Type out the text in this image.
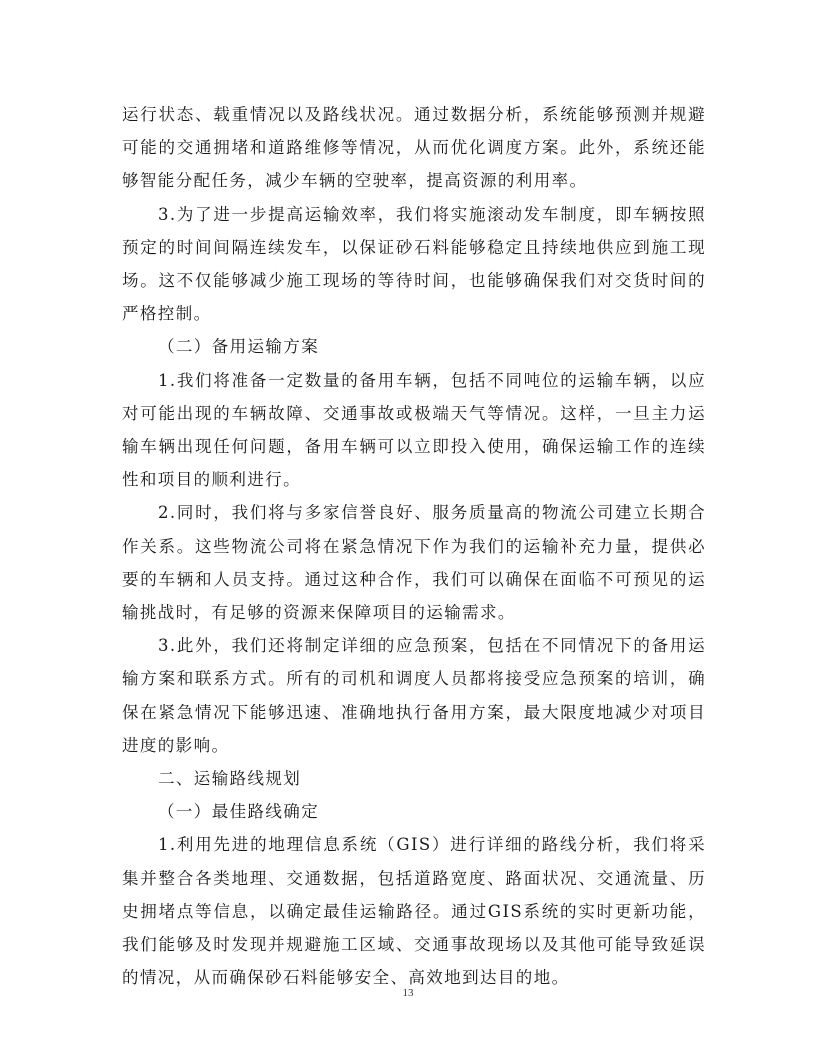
运行状态、载重情况以及路线状况。通过数据分析，系统能够预测并规避可能的交通拥堵和道路维修等情况，从而优化调度方案。此外，系统还能够智能分配任务，减少车辆的空驶率，提高资源的利用率。

3.为了进一步提高运输效率，我们将实施滚动发车制度，即车辆按照预定的时间间隔连续发车，以保证砂石料能够稳定且持续地供应到施工现场。这不仅能够减少施工现场的等待时间，也能够确保我们对交货时间的严格控制。

（二）备用运输方案

1.我们将准备一定数量的备用车辆，包括不同吨位的运输车辆，以应对可能出现的车辆故障、交通事故或极端天气等情况。这样，一旦主力运输车辆出现任何问题，备用车辆可以立即投入使用，确保运输工作的连续性和项目的顺利进行。

2.同时，我们将与多家信誉良好、服务质量高的物流公司建立长期合作关系。这些物流公司将在紧急情况下作为我们的运输补充力量，提供必要的车辆和人员支持。通过这种合作，我们可以确保在面临不可预见的运输挑战时，有足够的资源来保障项目的运输需求。

3.此外，我们还将制定详细的应急预案，包括在不同情况下的备用运输方案和联系方式。所有的司机和调度人员都将接受应急预案的培训，确保在紧急情况下能够迅速、准确地执行备用方案，最大限度地减少对项目进度的影响。

二、运输路线规划

（一）最佳路线确定

1.利用先进的地理信息系统（GIS）进行详细的路线分析，我们将采集并整合各类地理、交通数据，包括道路宽度、路面状况、交通流量、历史拥堵点等信息，以确定最佳运输路径。通过GIS系统的实时更新功能，我们能够及时发现并规避施工区域、交通事故现场以及其他可能导致延误的情况，从而确保砂石料能够安全、高效地到达目的地。

13
